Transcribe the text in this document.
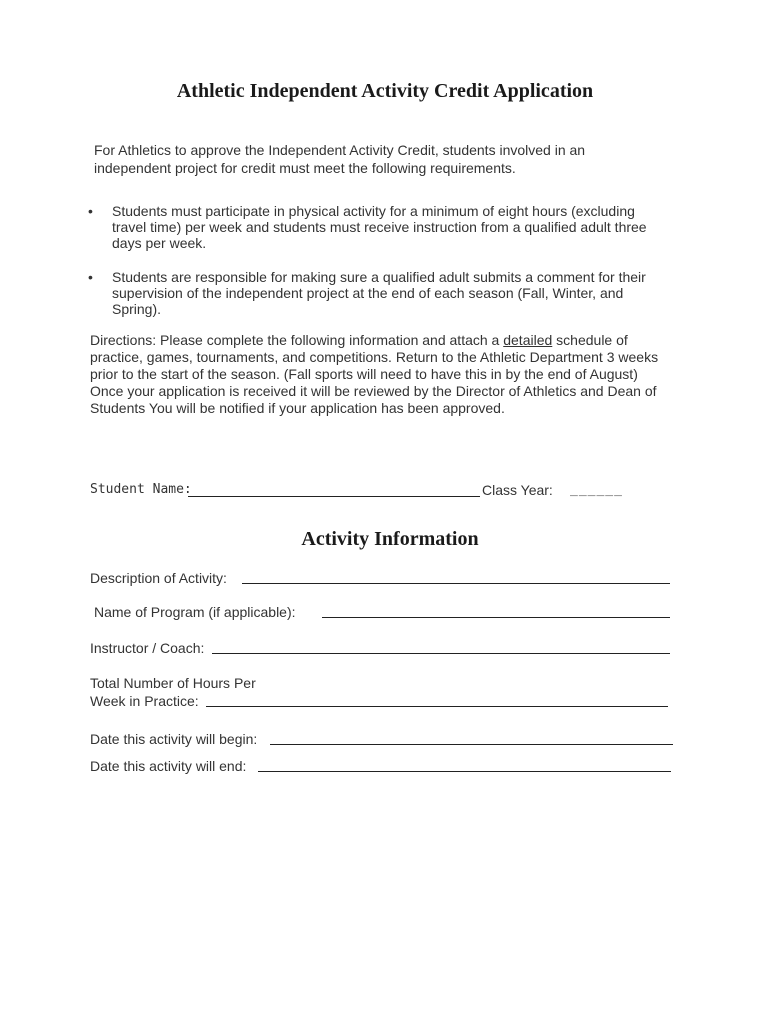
Athletic Independent Activity Credit Application
For Athletics to approve the Independent Activity Credit, students involved in an independent project for credit must meet the following requirements.
• Students must participate in physical activity for a minimum of eight hours (excluding travel time) per week and students must receive instruction from a qualified adult three days per week.
• Students are responsible for making sure a qualified adult submits a comment for their supervision of the independent project at the end of each season (Fall, Winter, and Spring).
Directions: Please complete the following information and attach a detailed schedule of practice, games, tournaments, and competitions. Return to the Athletic Department 3 weeks prior to the start of the season. (Fall sports will need to have this in by the end of August) Once your application is received it will be reviewed by the Director of Athletics and Dean of Students You will be notified if your application has been approved.
Student Name:	Class Year: ______
Activity Information
Description of Activity:
Name of Program (if applicable):
Instructor / Coach:
Total Number of Hours Per
Week in Practice:
Date this activity will begin:
Date this activity will end:
